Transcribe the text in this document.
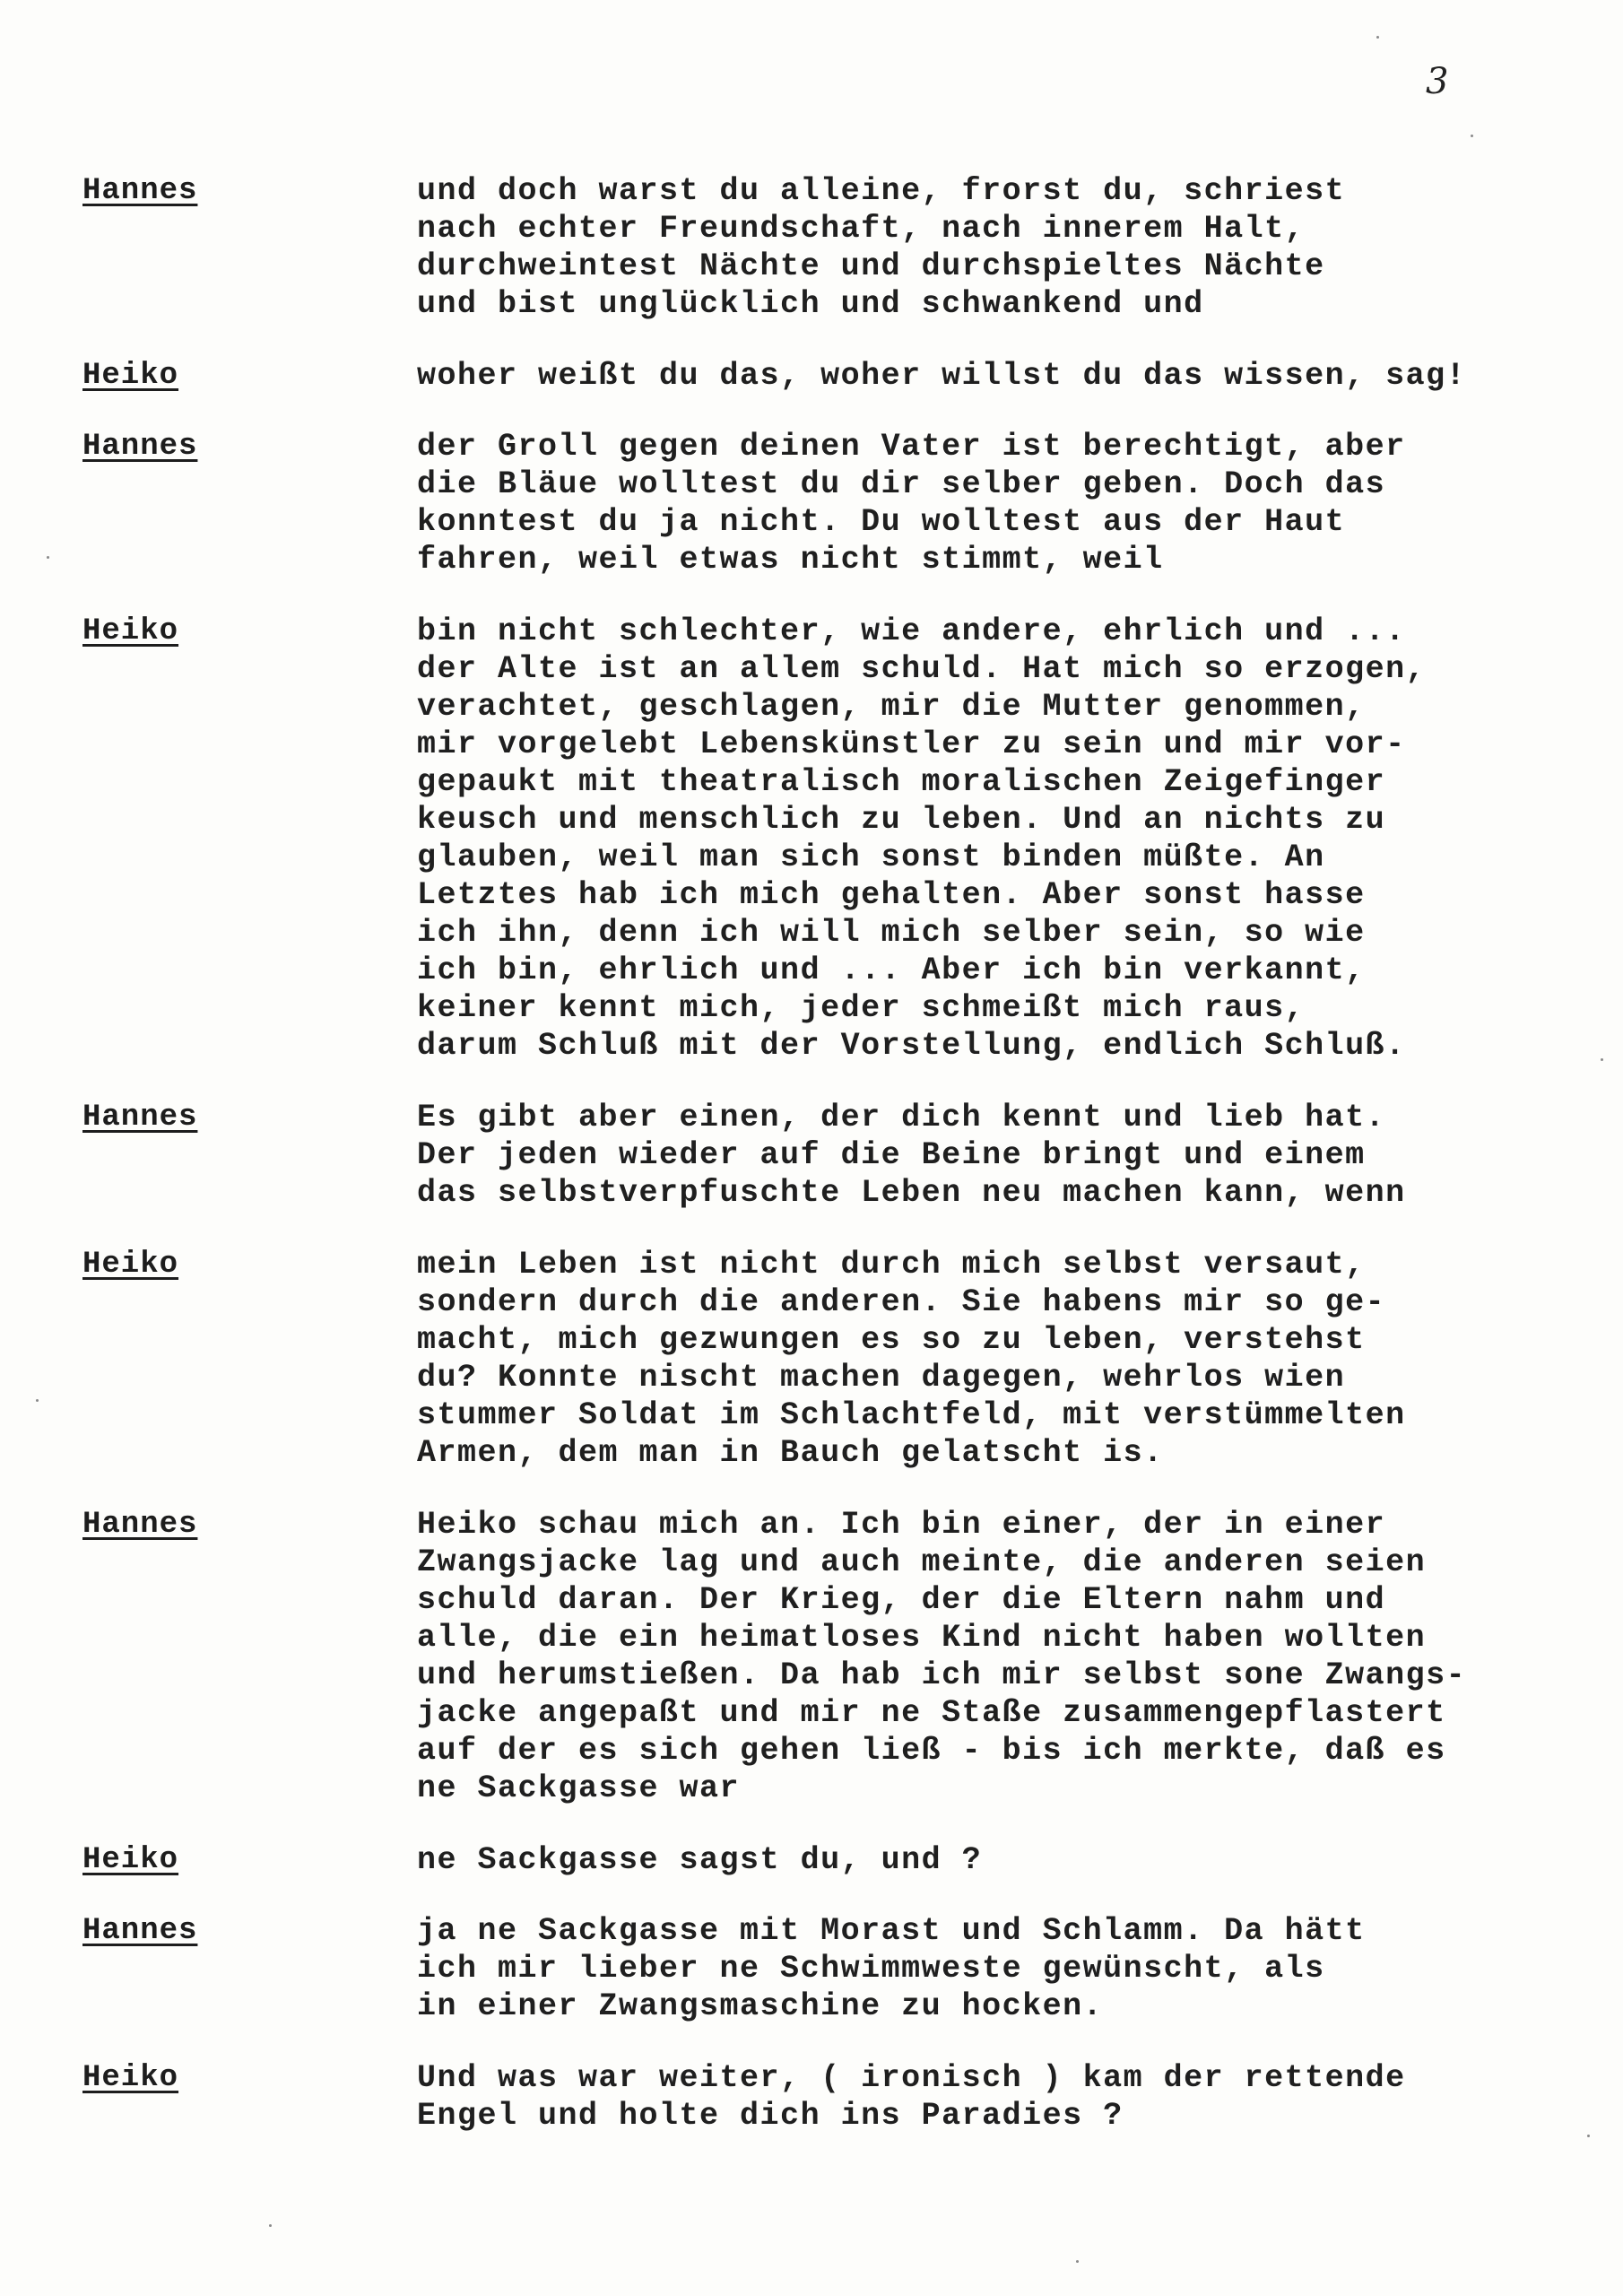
3
Hannes	und doch warst du alleine, frorst du, schriest
nach echter Freundschaft, nach innerem Halt,
durchweintest Nächte und durchspieltes Nächte
und bist unglücklich und schwankend und
Heiko	woher weißt du das, woher willst du das wissen, sag!
Hannes	der Groll gegen deinen Vater ist berechtigt, aber
die Bläue wolltest du dir selber geben. Doch das
konntest du ja nicht. Du wolltest aus der Haut
fahren, weil etwas nicht stimmt, weil
Heiko	bin nicht schlechter, wie andere, ehrlich und ...
der Alte ist an allem schuld. Hat mich so erzogen,
verachtet, geschlagen, mir die Mutter genommen,
mir vorgelebt Lebenskünstler zu sein und mir vor-
gepaukt mit theatralisch moralischen Zeigefinger
keusch und menschlich zu leben. Und an nichts zu
glauben, weil man sich sonst binden müßte. An
Letztes hab ich mich gehalten. Aber sonst hasse
ich ihn, denn ich will mich selber sein, so wie
ich bin, ehrlich und ... Aber ich bin verkannt,
keiner kennt mich, jeder schmeißt mich raus,
darum Schluß mit der Vorstellung, endlich Schluß.
Hannes	Es gibt aber einen, der dich kennt und lieb hat.
Der jeden wieder auf die Beine bringt und einem
das selbstverpfuschte Leben neu machen kann, wenn
Heiko	mein Leben ist nicht durch mich selbst versaut,
sondern durch die anderen. Sie habens mir so ge-
macht, mich gezwungen es so zu leben, verstehst
du? Konnte nischt machen dagegen, wehrlos wien
stummer Soldat im Schlachtfeld, mit verstümmelten
Armen, dem man in Bauch gelatscht is.
Hannes	Heiko schau mich an. Ich bin einer, der in einer
Zwangsjacke lag und auch meinte, die anderen seien
schuld daran. Der Krieg, der die Eltern nahm und
alle, die ein heimatloses Kind nicht haben wollten
und herumstießen. Da hab ich mir selbst sone Zwangs-
jacke angepaßt und mir ne Staße zusammengepflastert
auf der es sich gehen ließ - bis ich merkte, daß es
ne Sackgasse war
Heiko	ne Sackgasse sagst du, und ?
Hannes	ja ne Sackgasse mit Morast und Schlamm. Da hätt
ich mir lieber ne Schwimmweste gewünscht, als
in einer Zwangsmaschine zu hocken.
Heiko	Und was war weiter, ( ironisch ) kam der rettende
Engel und holte dich ins Paradies ?
